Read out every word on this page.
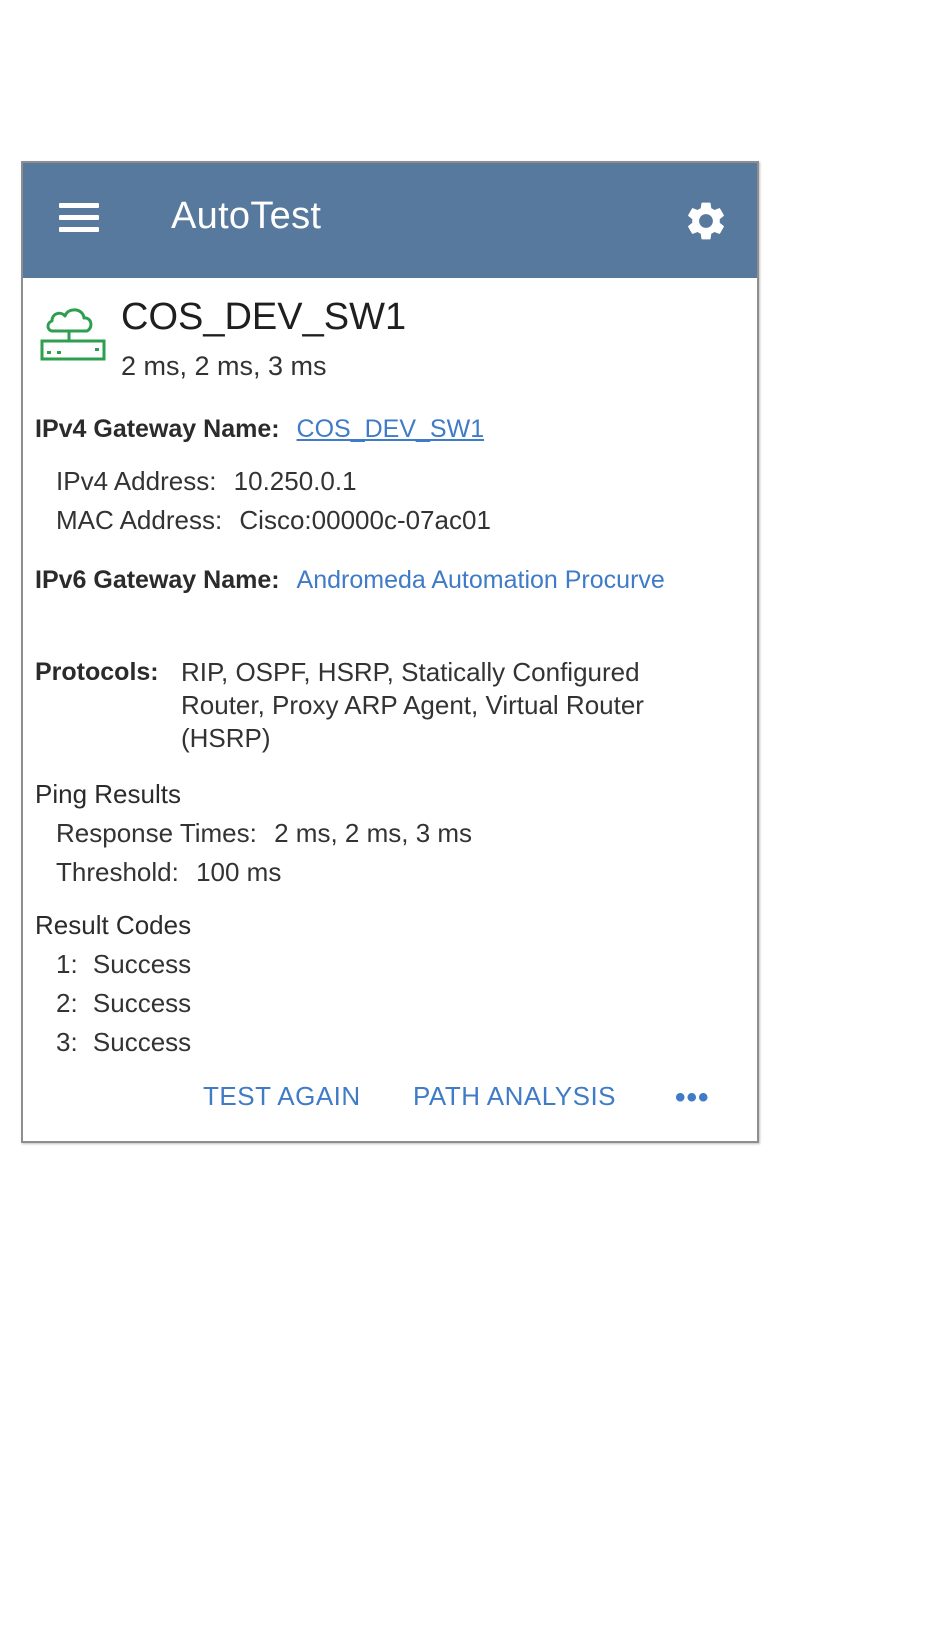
AutoTest
COS_DEV_SW1
2 ms, 2 ms, 3 ms
IPv4 Gateway Name: COS_DEV_SW1
IPv4 Address: 10.250.0.1
MAC Address: Cisco:00000c-07ac01
IPv6 Gateway Name: Andromeda Automation Procurve
Protocols: RIP, OSPF, HSRP, Statically Configured Router, Proxy ARP Agent, Virtual Router (HSRP)
Ping Results
Response Times: 2 ms, 2 ms, 3 ms
Threshold: 100 ms
Result Codes
1: Success
2: Success
3: Success
TEST AGAIN PATH ANALYSIS •••
